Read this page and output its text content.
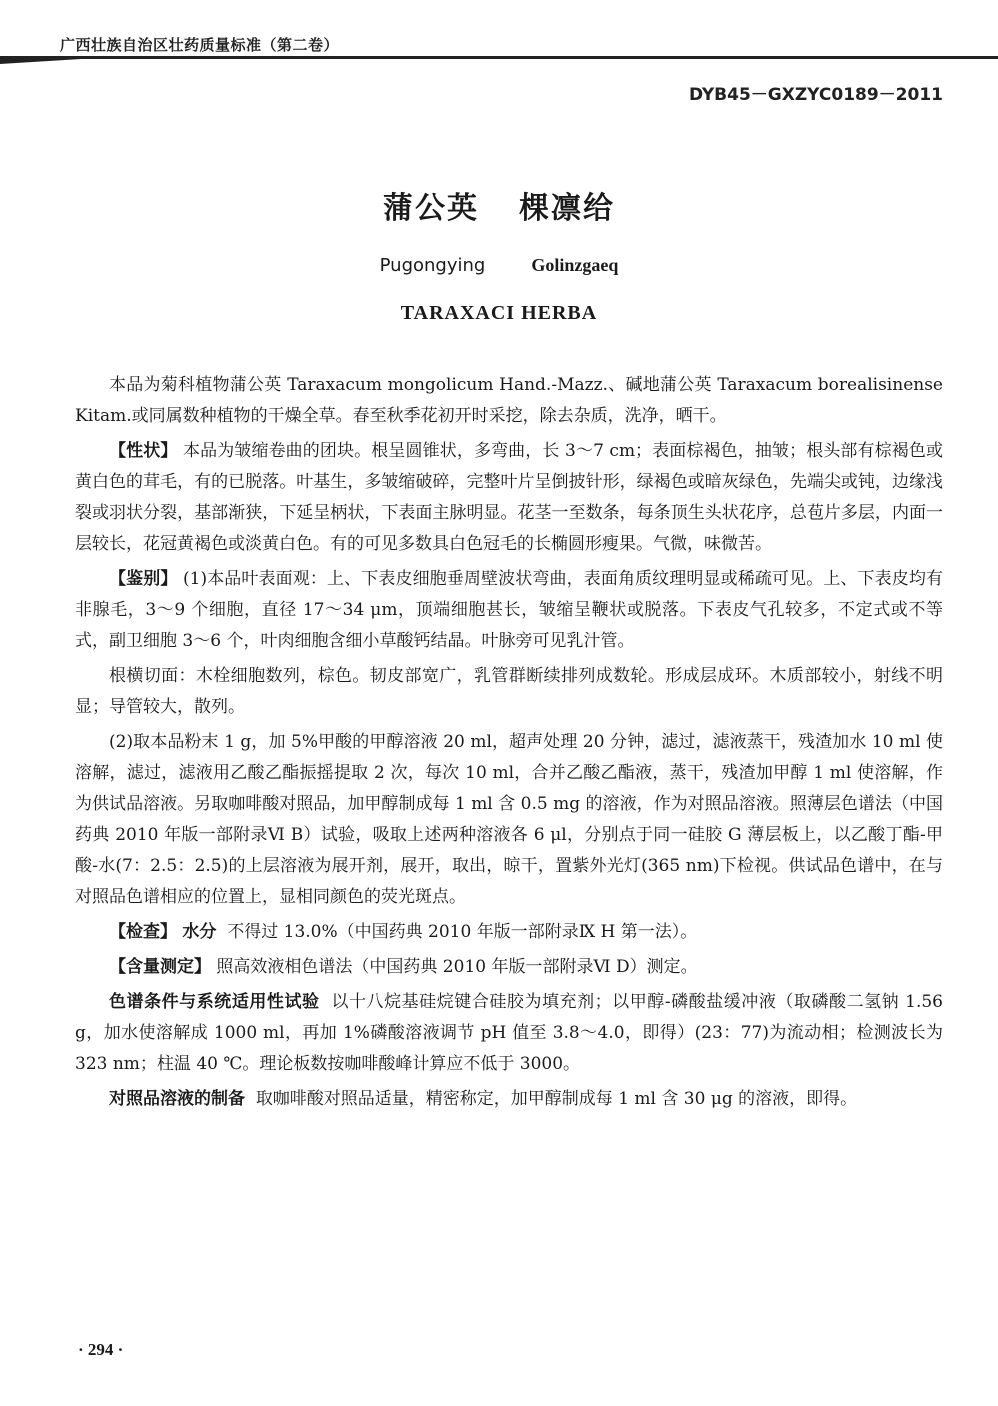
广西壮族自治区壮药质量标准（第二卷）
DYB45－GXZYC0189－2011
蒲公英 棵凛给
Pugongying	Golinzgaeq
TARAXACI HERBA

本品为菊科植物蒲公英 Taraxacum mongolicum Hand.-Mazz.、碱地蒲公英 Taraxacum borealisinense Kitam.或同属数种植物的干燥全草。春至秋季花初开时采挖，除去杂质，洗净，晒干。

【性状】 本品为皱缩卷曲的团块。根呈圆锥状，多弯曲，长 3～7 cm；表面棕褐色，抽皱；根头部有棕褐色或黄白色的茸毛，有的已脱落。叶基生，多皱缩破碎，完整叶片呈倒披针形，绿褐色或暗灰绿色，先端尖或钝，边缘浅裂或羽状分裂，基部渐狭，下延呈柄状，下表面主脉明显。花茎一至数条，每条顶生头状花序，总苞片多层，内面一层较长，花冠黄褐色或淡黄白色。有的可见多数具白色冠毛的长椭圆形瘦果。气微，味微苦。

【鉴别】 (1)本品叶表面观：上、下表皮细胞垂周壁波状弯曲，表面角质纹理明显或稀疏可见。上、下表皮均有非腺毛，3～9 个细胞，直径 17～34 μm，顶端细胞甚长，皱缩呈鞭状或脱落。下表皮气孔较多，不定式或不等式，副卫细胞 3～6 个，叶肉细胞含细小草酸钙结晶。叶脉旁可见乳汁管。

根横切面：木栓细胞数列，棕色。韧皮部宽广，乳管群断续排列成数轮。形成层成环。木质部较小，射线不明显；导管较大，散列。

(2)取本品粉末 1 g，加 5%甲酸的甲醇溶液 20 ml，超声处理 20 分钟，滤过，滤液蒸干，残渣加水 10 ml 使溶解，滤过，滤液用乙酸乙酯振摇提取 2 次，每次 10 ml，合并乙酸乙酯液，蒸干，残渣加甲醇 1 ml 使溶解，作为供试品溶液。另取咖啡酸对照品，加甲醇制成每 1 ml 含 0.5 mg 的溶液，作为对照品溶液。照薄层色谱法（中国药典 2010 年版一部附录Ⅵ B）试验，吸取上述两种溶液各 6 μl，分别点于同一硅胶 G 薄层板上，以乙酸丁酯-甲酸-水(7：2.5：2.5)的上层溶液为展开剂，展开，取出，晾干，置紫外光灯(365 nm)下检视。供试品色谱中，在与对照品色谱相应的位置上，显相同颜色的荧光斑点。

【检查】 水分 不得过 13.0%（中国药典 2010 年版一部附录Ⅸ H 第一法）。

【含量测定】 照高效液相色谱法（中国药典 2010 年版一部附录Ⅵ D）测定。

色谱条件与系统适用性试验 以十八烷基硅烷键合硅胶为填充剂；以甲醇-磷酸盐缓冲液（取磷酸二氢钠 1.56 g，加水使溶解成 1000 ml，再加 1%磷酸溶液调节 pH 值至 3.8～4.0，即得）(23：77)为流动相；检测波长为 323 nm；柱温 40 ℃。理论板数按咖啡酸峰计算应不低于 3000。

对照品溶液的制备 取咖啡酸对照品适量，精密称定，加甲醇制成每 1 ml 含 30 μg 的溶液，即得。

· 294 ·
